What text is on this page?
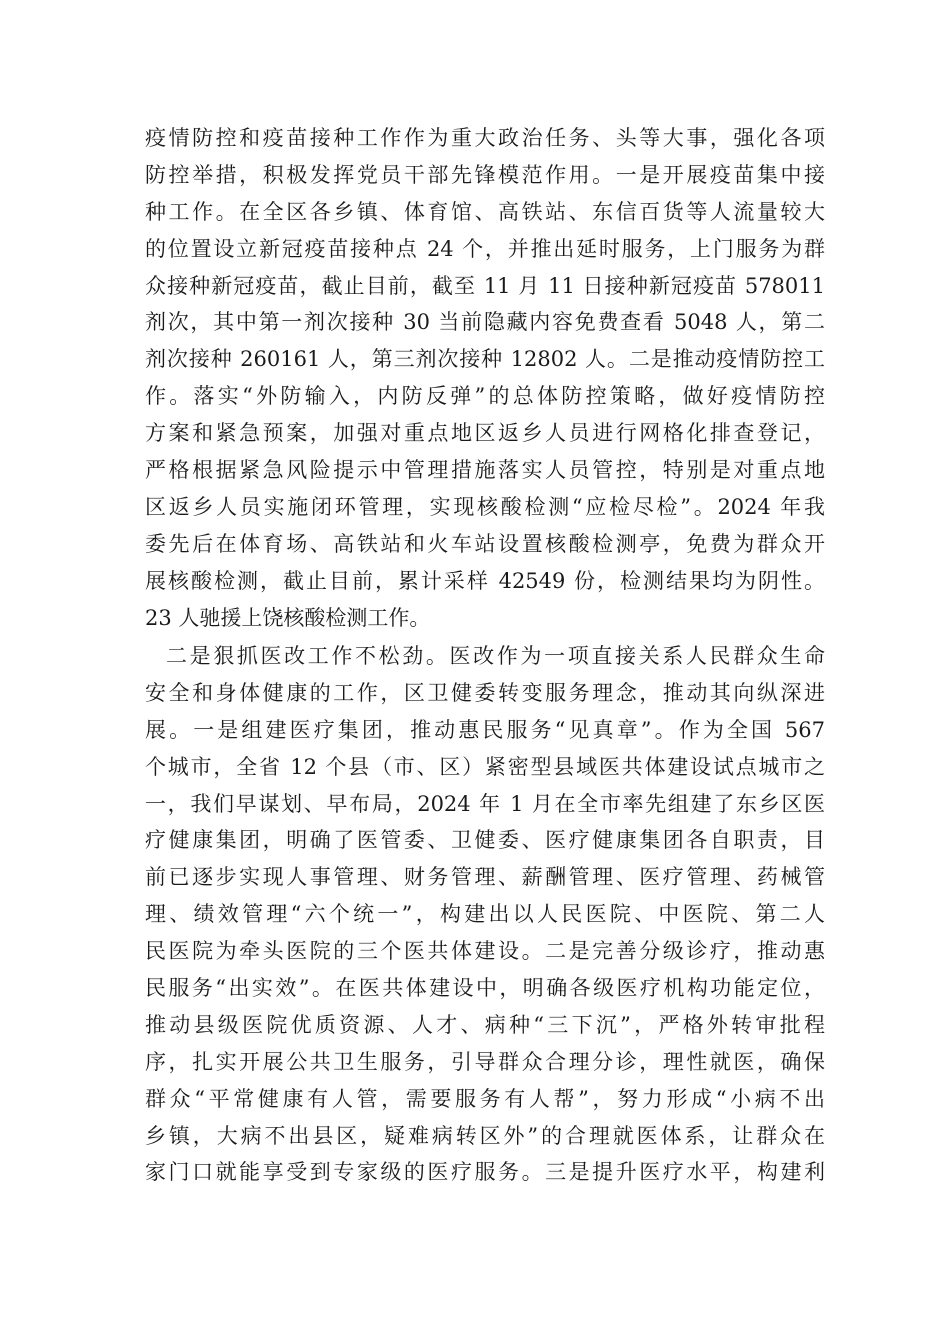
疫情防控和疫苗接种工作作为重大政治任务、头等大事，强化各项
防控举措，积极发挥党员干部先锋模范作用。一是开展疫苗集中接
种工作。在全区各乡镇、体育馆、高铁站、东信百货等人流量较大
的位置设立新冠疫苗接种点 24 个，并推出延时服务，上门服务为群
众接种新冠疫苗，截止目前，截至 11 月 11 日接种新冠疫苗 578011
剂次，其中第一剂次接种 30 当前隐藏内容免费查看 5048 人，第二
剂次接种 260161 人，第三剂次接种 12802 人。二是推动疫情防控工
作。落实“外防输入，内防反弹”的总体防控策略，做好疫情防控
方案和紧急预案，加强对重点地区返乡人员进行网格化排查登记，
严格根据紧急风险提示中管理措施落实人员管控，特别是对重点地
区返乡人员实施闭环管理，实现核酸检测“应检尽检”。2024 年我
委先后在体育场、高铁站和火车站设置核酸检测亭，免费为群众开
展核酸检测，截止目前，累计采样 42549 份，检测结果均为阴性。
23 人驰援上饶核酸检测工作。
二是狠抓医改工作不松劲。医改作为一项直接关系人民群众生命
安全和身体健康的工作，区卫健委转变服务理念，推动其向纵深进
展。一是组建医疗集团，推动惠民服务“见真章”。作为全国 567
个城市，全省 12 个县（市、区）紧密型县域医共体建设试点城市之
一，我们早谋划、早布局，2024 年 1 月在全市率先组建了东乡区医
疗健康集团，明确了医管委、卫健委、医疗健康集团各自职责，目
前已逐步实现人事管理、财务管理、薪酬管理、医疗管理、药械管
理、绩效管理“六个统一”，构建出以人民医院、中医院、第二人
民医院为牵头医院的三个医共体建设。二是完善分级诊疗，推动惠
民服务“出实效”。在医共体建设中，明确各级医疗机构功能定位，
推动县级医院优质资源、人才、病种“三下沉”，严格外转审批程
序，扎实开展公共卫生服务，引导群众合理分诊，理性就医，确保
群众“平常健康有人管，需要服务有人帮”，努力形成“小病不出
乡镇，大病不出县区，疑难病转区外”的合理就医体系，让群众在
家门口就能享受到专家级的医疗服务。三是提升医疗水平，构建利
